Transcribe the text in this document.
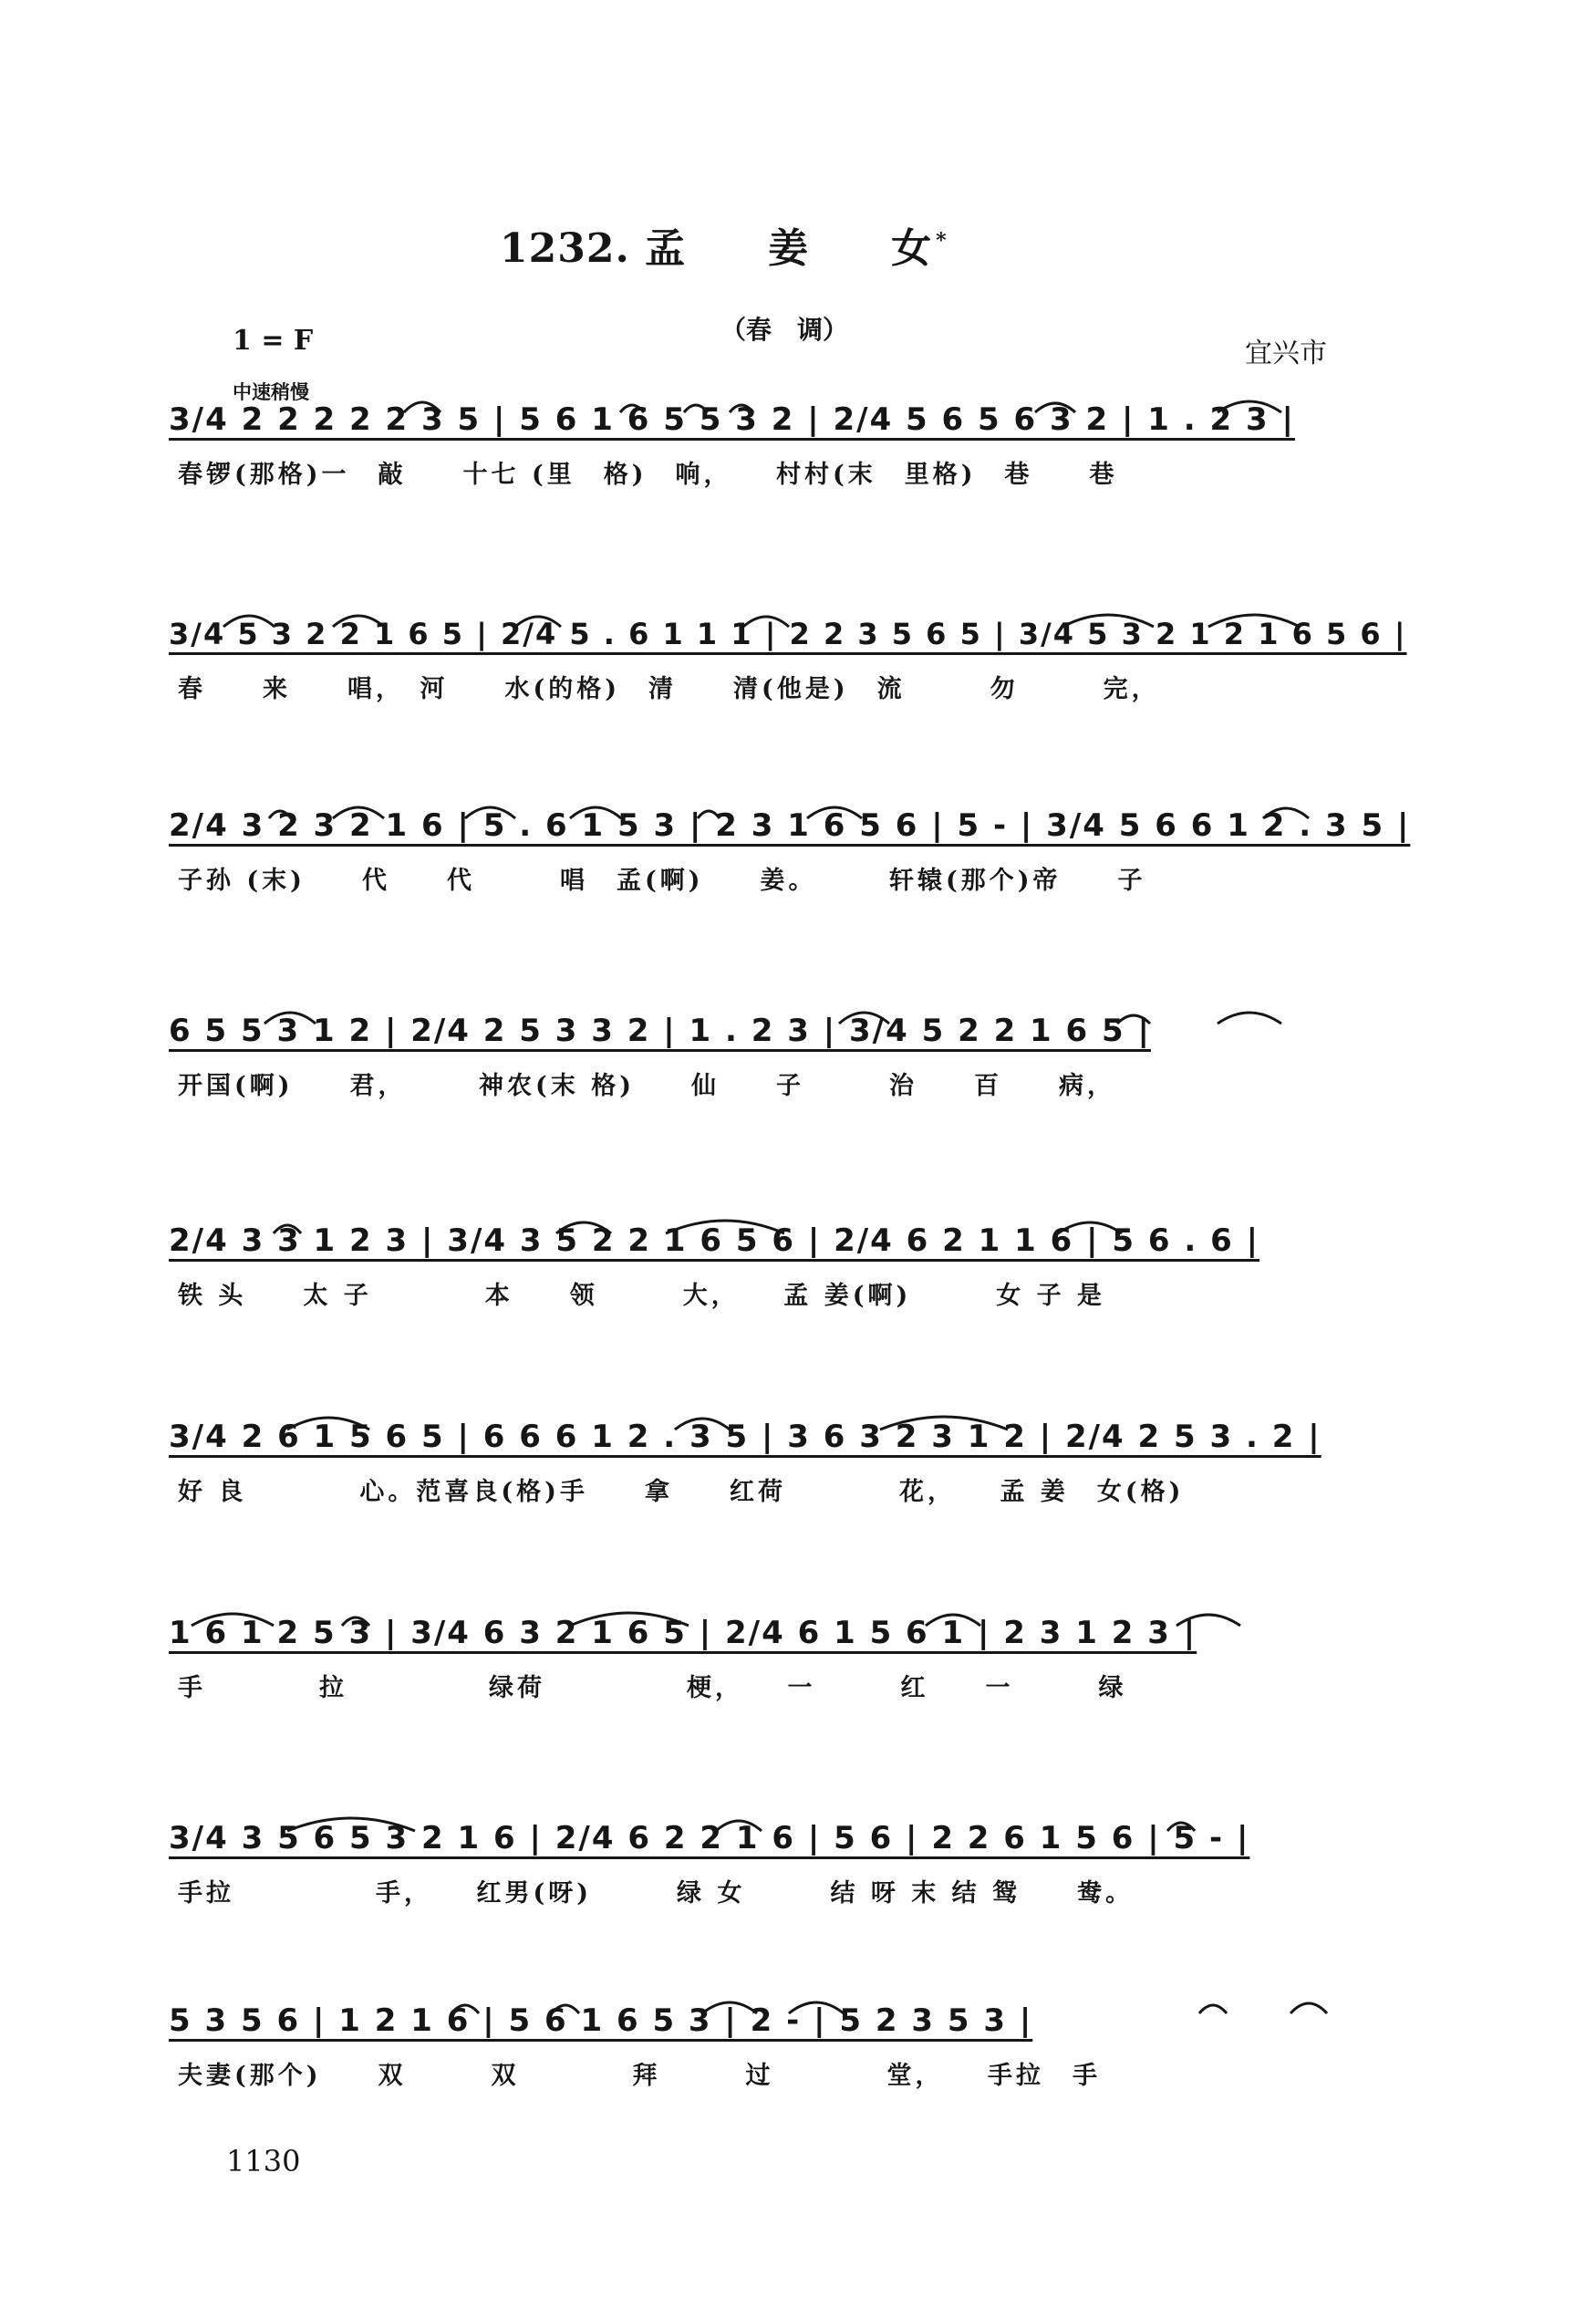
1232. 孟　　姜　　女 *
（春　调）
1 = F	宜兴市
中速稍慢
3/4 2 2 2 2 2 3 5 | 5 6 1 6 5 5 3 2 | 2/4 5 6 5 6 3 2 | 1 . 2 3 |
春锣(那格)一　敲　　十七 (里　格)　响，　　村村(末　里格)　巷　　巷
3/4 5 3 2 2 1 6 5 | 2/4 5 . 6 1 1 1 | 2 2 3 5 6 5 | 3/4 5 3 2 1 2 1 6 5 6 |
春　　来　　唱，　河　　水(的格)　清　　清(他是)　流　　　勿　　　完，
2/4 3 2 3 2 1 6 | 5 . 6 1 5 3 | 2 3 1 6 5 6 | 5 - | 3/4 5 6 6 1 2 . 3 5 |
子孙 (末)　　代　　代　　　唱　孟(啊)　　姜。　　　轩辕(那个)帝　　子
6 5 5 3 1 2 | 2/4 2 5 3 3 2 | 1 . 2 3 | 3/4 5 2 2 1 6 5 |
开国(啊)　　君，　　　神农(末 格)　　仙　　子　　　治　　百　　病，
2/4 3 3 1 2 3 | 3/4 3 5 2 2 1 6 5 6 | 2/4 6 2 1 1 6 | 5 6 . 6 |
铁 头　　太 子　　　　本　　领　　　大，　　孟 姜(啊)　　　女 子 是
3/4 2 6 1 5 6 5 | 6 6 6 1 2 . 3 5 | 3 6 3 2 3 1 2 | 2/4 2 5 3 . 2 |
好 良　　　　心。范喜良(格)手　　拿　　红荷　　　　花，　　孟 姜　女(格)
1 6 1 2 5 3 | 3/4 6 3 2 1 6 5 | 2/4 6 1 5 6 1 | 2 3 1 2 3 |
手　　　　拉　　　　　绿荷　　　　　梗，　　一　　　红　　一　　　绿
3/4 3 5 6 5 3 2 1 6 | 2/4 6 2 2 1 6 | 5 6 | 2 2 6 1 5 6 | 5 - |
手拉　　　　　手，　　红男(呀)　　　绿 女　　　结 呀 末 结 鸳　　鸯。
5 3 5 6 | 1 2 1 6 | 5 6 1 6 5 3 | 2 - | 5 2 3 5 3 |
夫妻(那个)　　双　　　双　　　　拜　　　过　　　　堂，　　手拉　手
1130
